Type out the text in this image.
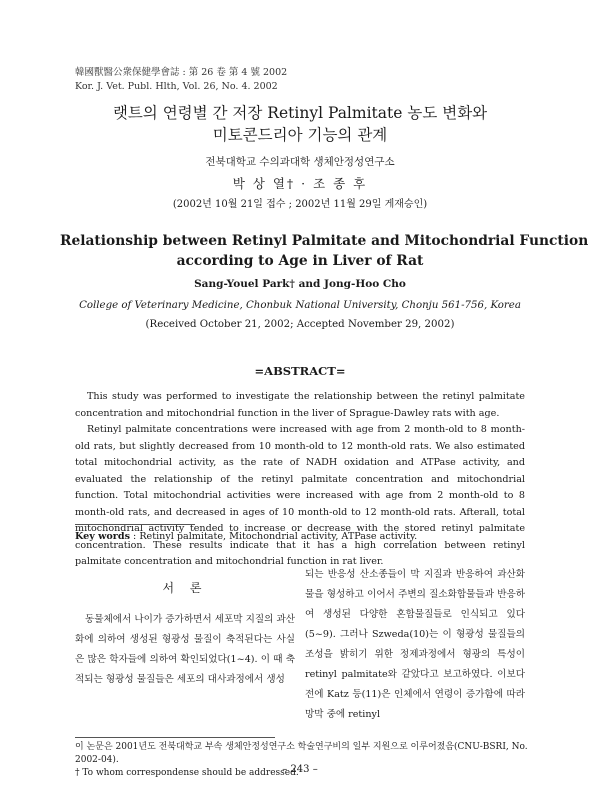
韓國獸醫公衆保健學會誌 : 第 26 卷 第 4 號 2002
Kor. J. Vet. Publ. Hlth, Vol. 26, No. 4. 2002
랫트의 연령별 간 저장 Retinyl Palmitate 농도 변화와
미토콘드리아 기능의 관계
전북대학교 수의과대학 생체안정성연구소
박 상 열† · 조 종 후
(2002년 10월 21일 접수 ; 2002년 11월 29일 게재승인)
Relationship between Retinyl Palmitate and Mitochondrial Function
according to Age in Liver of Rat
Sang-Youel Park† and Jong-Hoo Cho
College of Veterinary Medicine, Chonbuk National University, Chonju 561-756, Korea
(Received October 21, 2002; Accepted November 29, 2002)
=ABSTRACT=

This study was performed to investigate the relationship between the retinyl palmitate concentration and mitochondrial function in the liver of Sprague-Dawley rats with age.

Retinyl palmitate concentrations were increased with age from 2 month-old to 8 month-old rats, but slightly decreased from 10 month-old to 12 month-old rats. We also estimated total mitochondrial activity, as the rate of NADH oxidation and ATPase activity, and evaluated the relationship of the retinyl palmitate concentration and mitochondrial function. Total mitochondrial activities were increased with age from 2 month-old to 8 month-old rats, and decreased in ages of 10 month-old to 12 month-old rats. Afterall, total mitochondrial activity tended to increase or decrease with the stored retinyl palmitate concentration. These results indicate that it has a high correlation between retinyl palmitate concentration and mitochondrial function in rat liver.

Key words : Retinyl palmitate, Mitochondrial activity, ATPase activity.
서 론

동물체에서 나이가 증가하면서 세포막 지질의 과산화에 의하여 생성된 형광성 물질이 축적된다는 사실은 많은 학자들에 의하여 확인되었다(1~4). 이 때 축적되는 형광성 물질들은 세포의 대사과정에서 생성

되는 반응성 산소종들이 막 지질과 반응하여 과산화물을 형성하고 이어서 주변의 질소화합물들과 반응하여 생성된 다양한 혼합물질들로 인식되고 있다(5~9). 그러나 Szweda(10)는 이 형광성 물질들의 조성을 밝히기 위한 정제과정에서 형광의 특성이 retinyl palmitate와 같았다고 보고하였다. 이보다 전에 Katz 등(11)은 인체에서 연령이 증가함에 따라 망막 중에 retinyl

이 논문은 2001년도 전북대학교 부속 생체안정성연구소 학술연구비의 일부 지원으로 이루어졌음(CNU-BSRI, No. 2002-04).

† To whom correspondense should be addressed.

– 243 –
